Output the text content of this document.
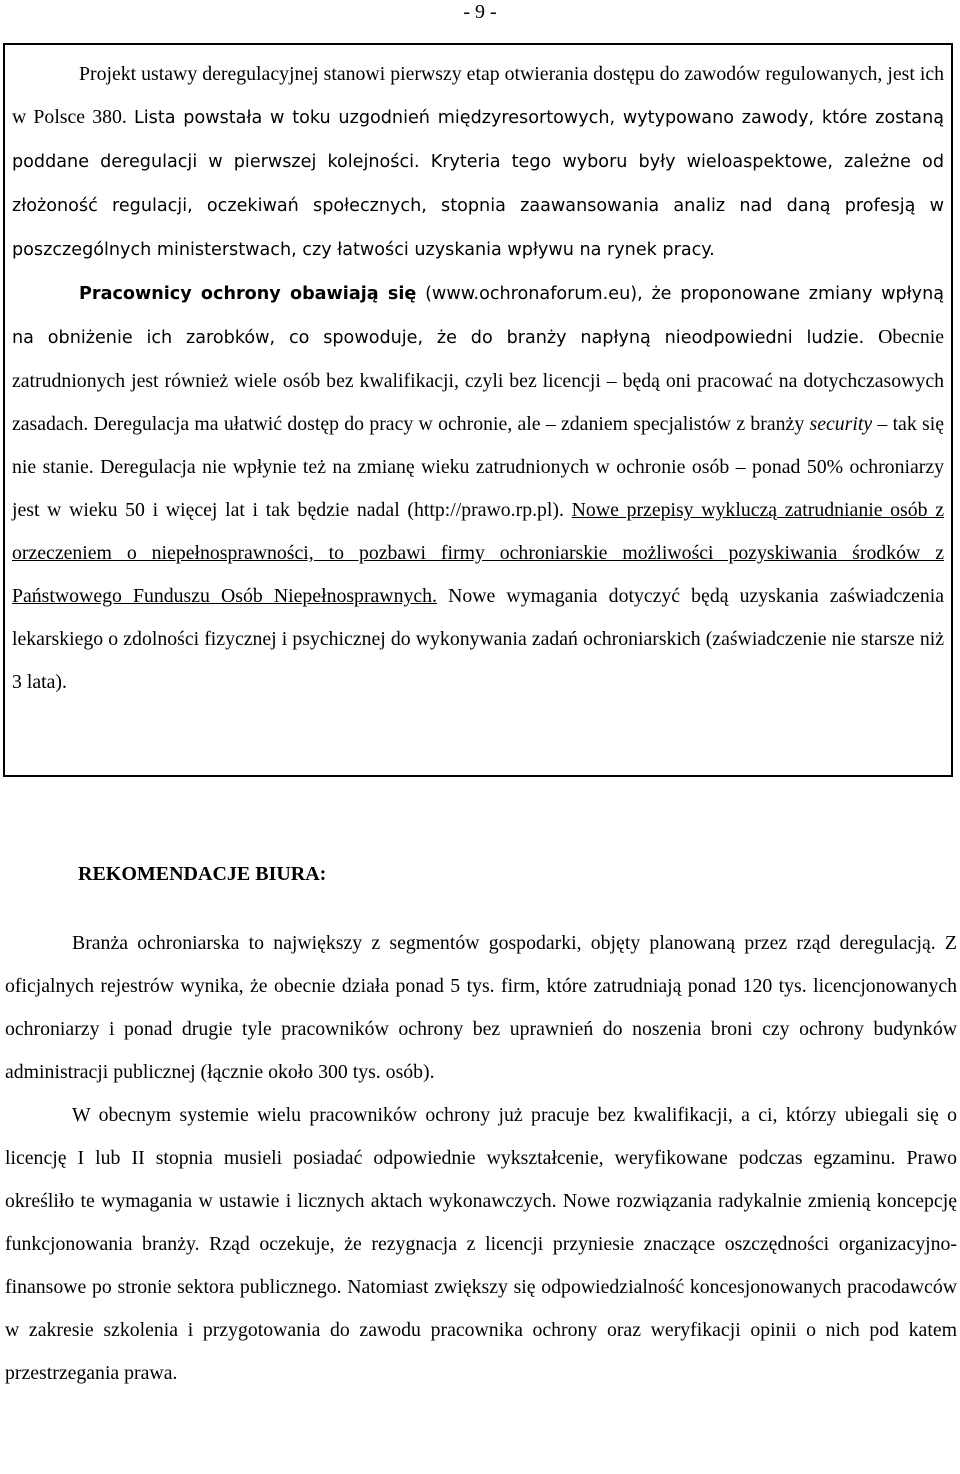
- 9 -

Projekt ustawy deregulacyjnej stanowi pierwszy etap otwierania dostępu do zawodów regulowanych, jest ich w Polsce 380. Lista powstała w toku uzgodnień międzyresortowych, wytypowano zawody, które zostaną poddane deregulacji w pierwszej kolejności. Kryteria tego wyboru były wieloaspektowe, zależne od złożoność regulacji, oczekiwań społecznych, stopnia zaawansowania analiz nad daną profesją w poszczególnych ministerstwach, czy łatwości uzyskania wpływu na rynek pracy.

Pracownicy ochrony obawiają się (www.ochronaforum.eu), że proponowane zmiany wpłyną na obniżenie ich zarobków, co spowoduje, że do branży napłyną nieodpowiedni ludzie. Obecnie zatrudnionych jest również wiele osób bez kwalifikacji, czyli bez licencji – będą oni pracować na dotychczasowych zasadach. Deregulacja ma ułatwić dostęp do pracy w ochronie, ale – zdaniem specjalistów z branży security – tak się nie stanie. Deregulacja nie wpłynie też na zmianę wieku zatrudnionych w ochronie osób – ponad 50% ochroniarzy jest w wieku 50 i więcej lat i tak będzie nadal (http://prawo.rp.pl). Nowe przepisy wykluczą zatrudnianie osób z orzeczeniem o niepełnosprawności, to pozbawi firmy ochroniarskie możliwości pozyskiwania środków z Państwowego Funduszu Osób Niepełnosprawnych. Nowe wymagania dotyczyć będą uzyskania zaświadczenia lekarskiego o zdolności fizycznej i psychicznej do wykonywania zadań ochroniarskich (zaświadczenie nie starsze niż 3 lata).

REKOMENDACJE BIURA:

Branża ochroniarska to największy z segmentów gospodarki, objęty planowaną przez rząd deregulacją. Z oficjalnych rejestrów wynika, że obecnie działa ponad 5 tys. firm, które zatrudniają ponad 120 tys. licencjonowanych ochroniarzy i ponad drugie tyle pracowników ochrony bez uprawnień do noszenia broni czy ochrony budynków administracji publicznej (łącznie około 300 tys. osób).

W obecnym systemie wielu pracowników ochrony już pracuje bez kwalifikacji, a ci, którzy ubiegali się o licencję I lub II stopnia musieli posiadać odpowiednie wykształcenie, weryfikowane podczas egzaminu. Prawo określiło te wymagania w ustawie i licznych aktach wykonawczych. Nowe rozwiązania radykalnie zmienią koncepcję funkcjonowania branży. Rząd oczekuje, że rezygnacja z licencji przyniesie znaczące oszczędności organizacyjno-finansowe po stronie sektora publicznego. Natomiast zwiększy się odpowiedzialność koncesjonowanych pracodawców w zakresie szkolenia i przygotowania do zawodu pracownika ochrony oraz weryfikacji opinii o nich pod katem przestrzegania prawa.
